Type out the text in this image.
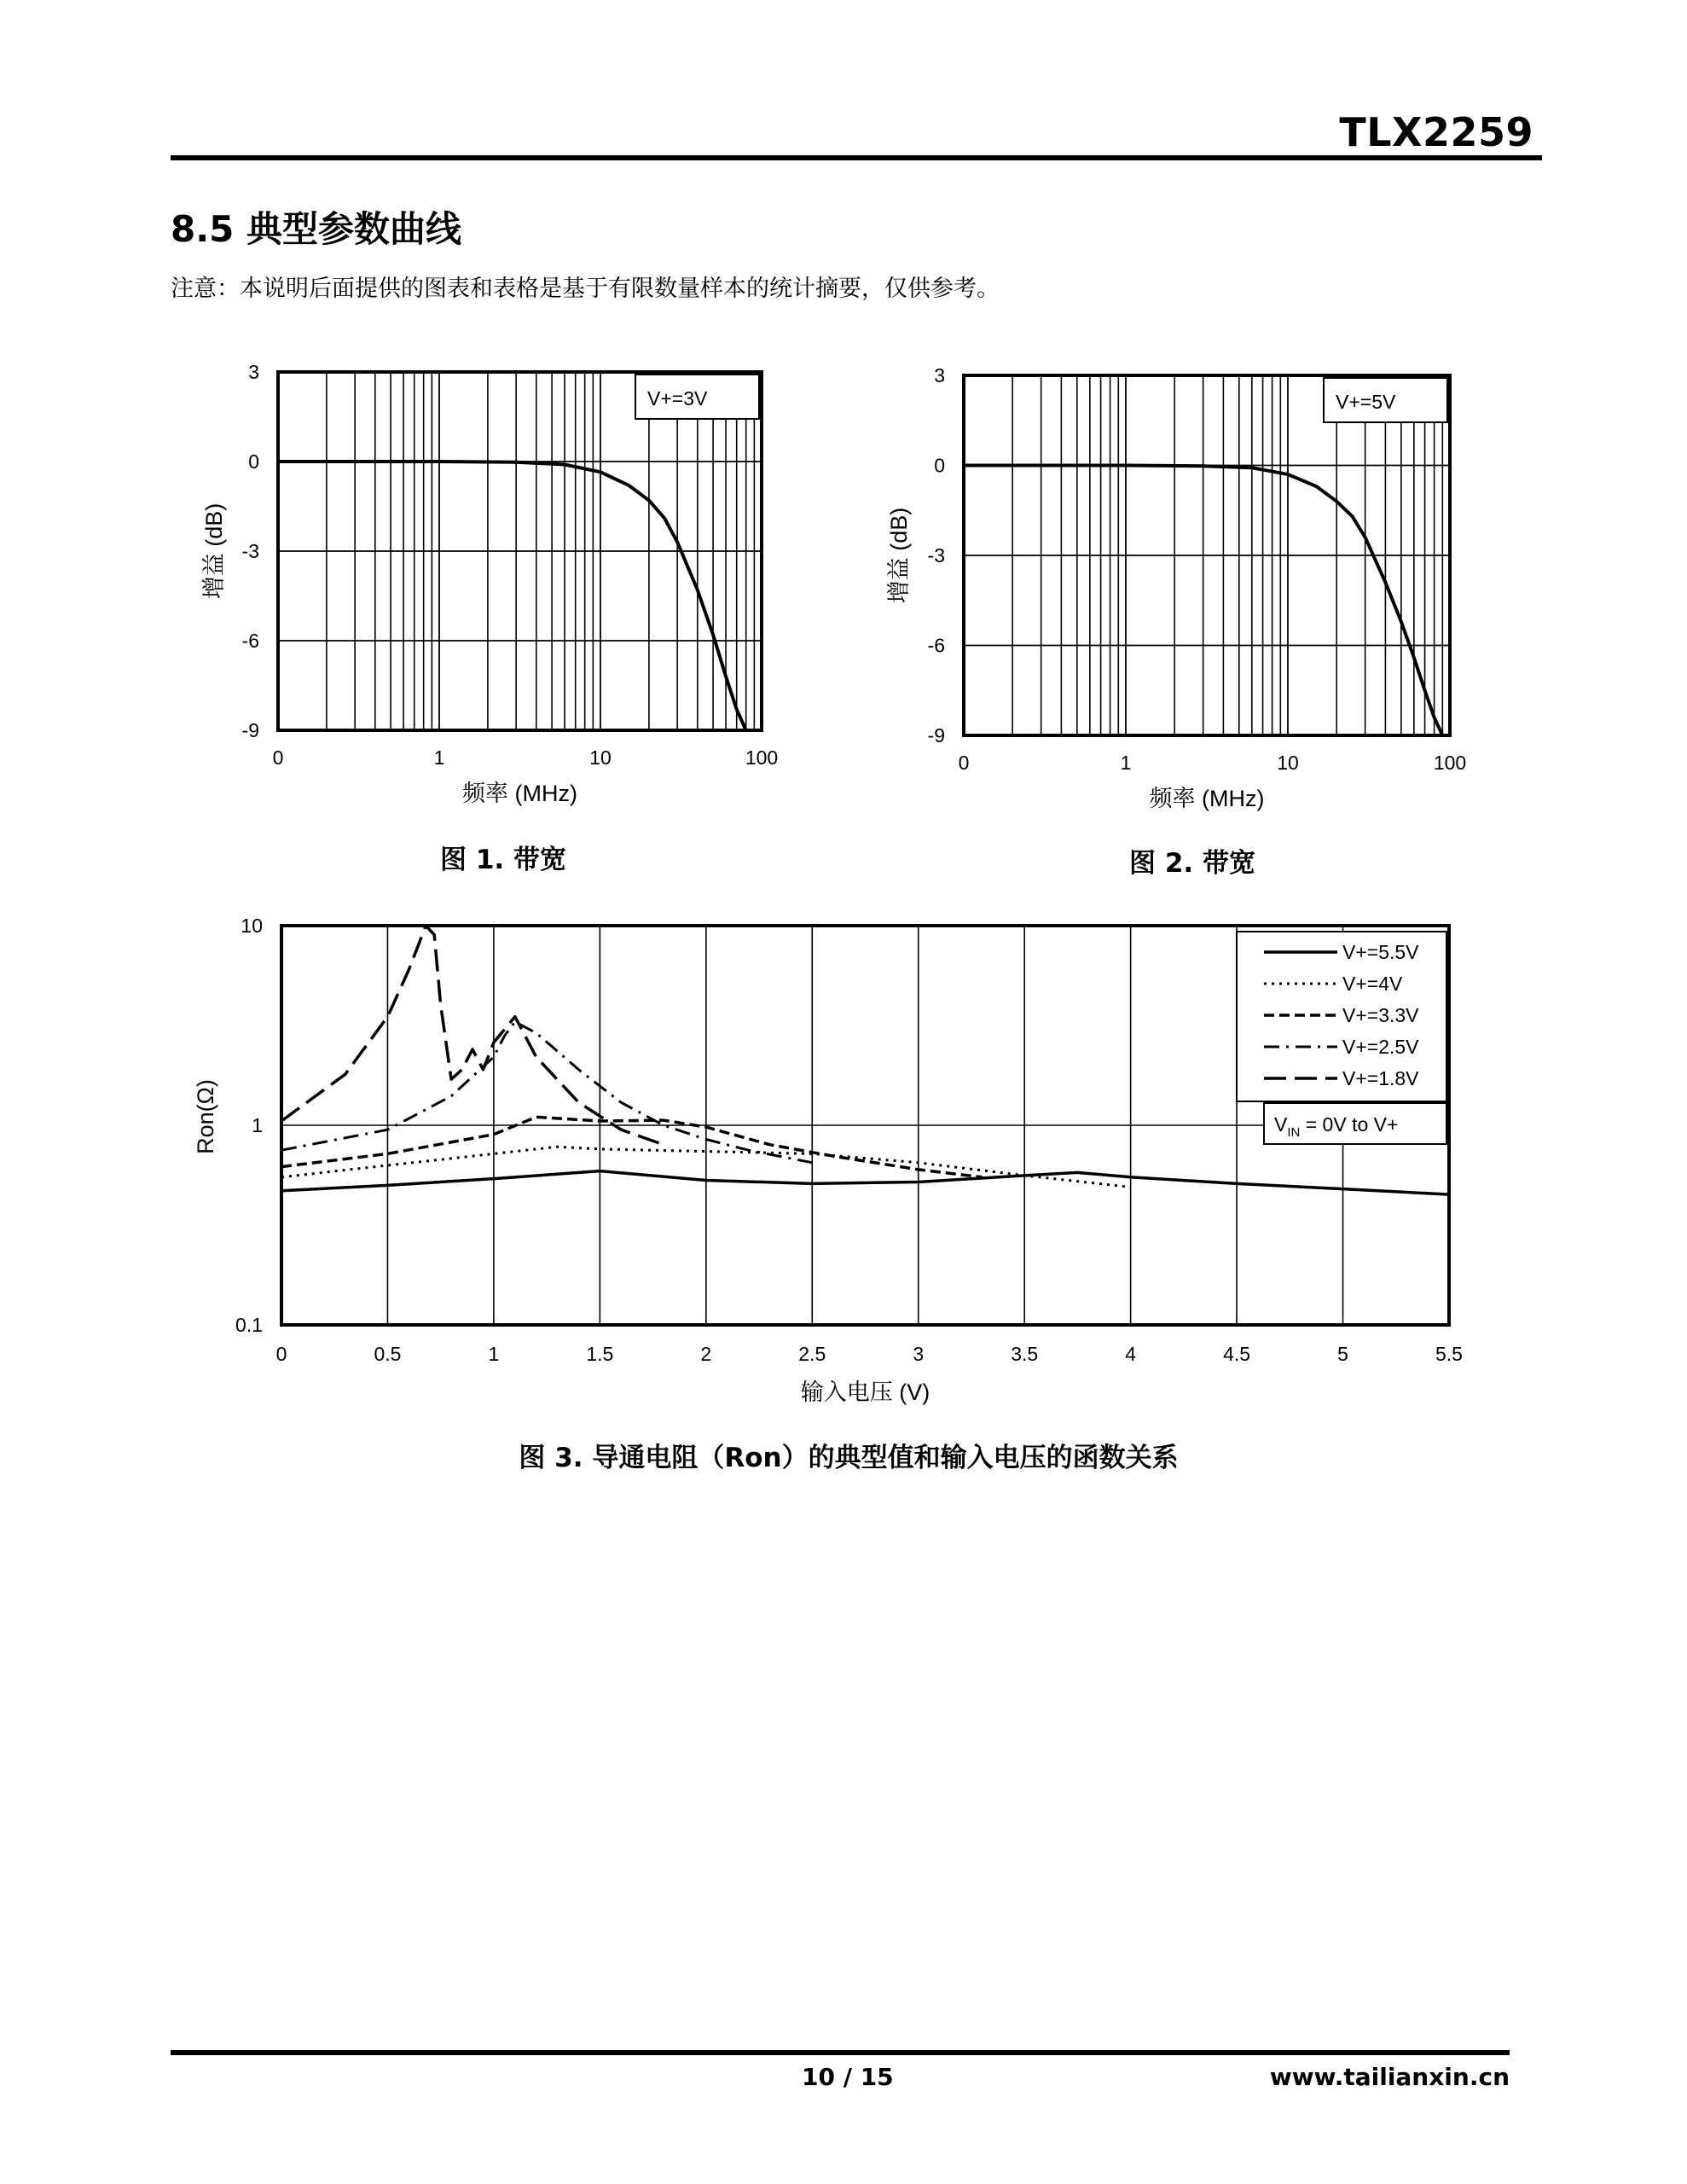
TLX2259
8.5 典型参数曲线
注意：本说明后面提供的图表和表格是基于有限数量样本的统计摘要，仅供参考。
V+=3V
0	1	10	100
3
0
-3
-6
-9
频率 (MHz)
增益 (dB)
图 1. 带宽
V+=5V
0	1	10	100
3
0
-3
-6
-9
频率 (MHz)
增益 (dB)
图 2. 带宽
V+=5.5V
V+=4V
V+=3.3V
V+=2.5V
V+=1.8V
$V_{IN} = 0V$ to V+
0	0.5	1	1.5	2	2.5	3	3.5	4	4.5	5	5.5
10
1
0.1
输入电压 (V)
Ron(Ω)
图 3. 导通电阻（Ron）的典型值和输入电压的函数关系
10 / 15	www.tailianxin.cn
